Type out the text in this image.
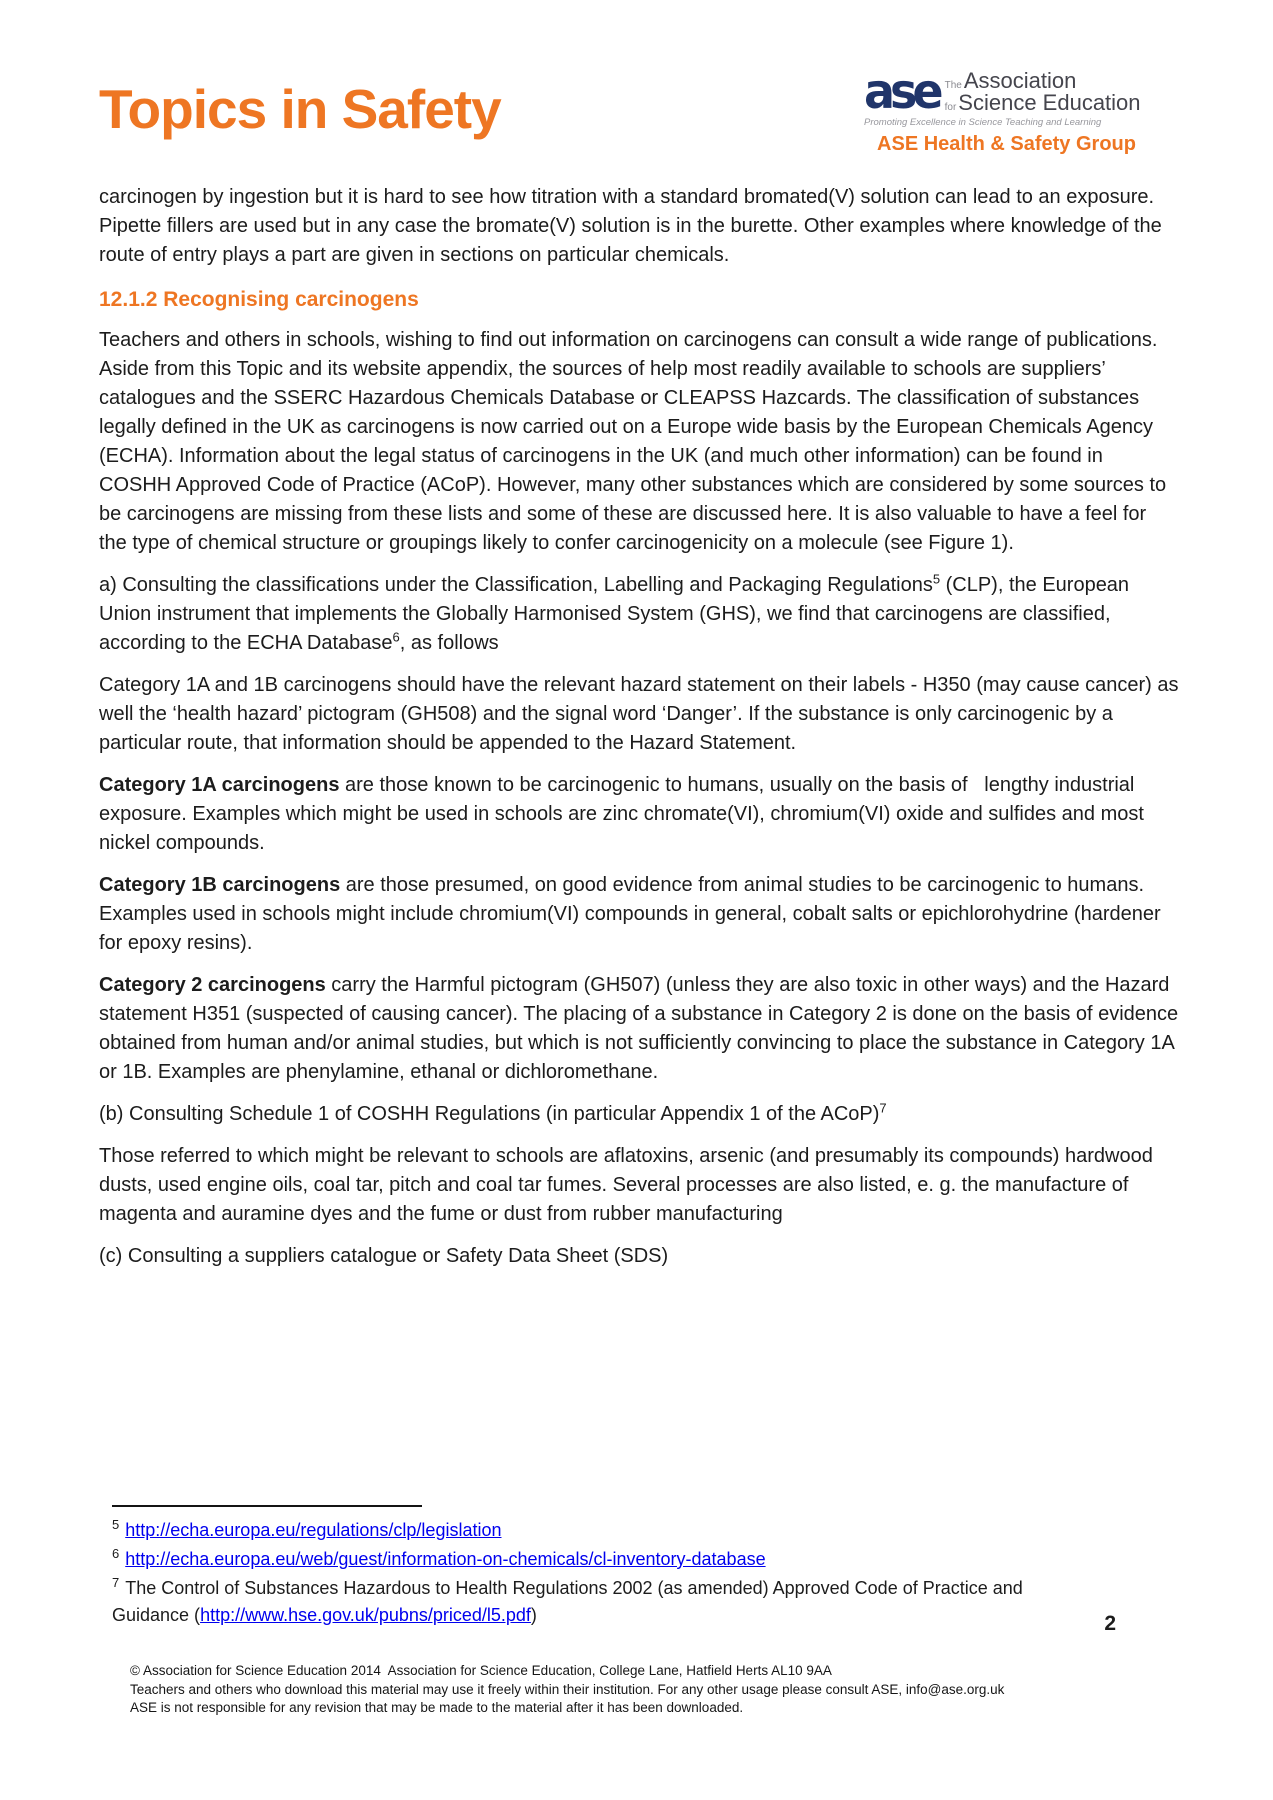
Topics in Safety	ase TheAssociation
forScience Education
Promoting Excellence in Science Teaching and Learning
ASE Health & Safety Group

carcinogen by ingestion but it is hard to see how titration with a standard bromated(V) solution can lead to an exposure. Pipette fillers are used but in any case the bromate(V) solution is in the burette. Other examples where knowledge of the route of entry plays a part are given in sections on particular chemicals.

12.1.2 Recognising carcinogens

Teachers and others in schools, wishing to find out information on carcinogens can consult a wide range of publications. Aside from this Topic and its website appendix, the sources of help most readily available to schools are suppliers’ catalogues and the SSERC Hazardous Chemicals Database or CLEAPSS Hazcards. The classification of substances legally defined in the UK as carcinogens is now carried out on a Europe wide basis by the European Chemicals Agency (ECHA). Information about the legal status of carcinogens in the UK (and much other information) can be found in COSHH Approved Code of Practice (ACoP). However, many other substances which are considered by some sources to be carcinogens are missing from these lists and some of these are discussed here. It is also valuable to have a feel for the type of chemical structure or groupings likely to confer carcinogenicity on a molecule (see Figure 1).

a) Consulting the classifications under the Classification, Labelling and Packaging Regulations$^5$ (CLP), the European Union instrument that implements the Globally Harmonised System (GHS), we find that carcinogens are classified, according to the ECHA Database$^6$, as follows

Category 1A and 1B carcinogens should have the relevant hazard statement on their labels - H350 (may cause cancer) as well the ‘health hazard’ pictogram (GH508) and the signal word ‘Danger’. If the substance is only carcinogenic by a particular route, that information should be appended to the Hazard Statement.

Category 1A carcinogens are those known to be carcinogenic to humans, usually on the basis of   lengthy industrial exposure. Examples which might be used in schools are zinc chromate(VI), chromium(VI) oxide and sulfides and most nickel compounds.

Category 1B carcinogens are those presumed, on good evidence from animal studies to be carcinogenic to humans. Examples used in schools might include chromium(VI) compounds in general, cobalt salts or epichlorohydrine (hardener for epoxy resins).

Category 2 carcinogens carry the Harmful pictogram (GH507) (unless they are also toxic in other ways) and the Hazard statement H351 (suspected of causing cancer). The placing of a substance in Category 2 is done on the basis of evidence obtained from human and/or animal studies, but which is not sufficiently convincing to place the substance in Category 1A or 1B. Examples are phenylamine, ethanal or dichloromethane.

(b) Consulting Schedule 1 of COSHH Regulations (in particular Appendix 1 of the ACoP)$^7$

Those referred to which might be relevant to schools are aflatoxins, arsenic (and presumably its compounds) hardwood dusts, used engine oils, coal tar, pitch and coal tar fumes. Several processes are also listed, e. g. the manufacture of magenta and auramine dyes and the fume or dust from rubber manufacturing

(c) Consulting a suppliers catalogue or Safety Data Sheet (SDS)

$^5$ http://echa.europa.eu/regulations/clp/legislation
$^6$ http://echa.europa.eu/web/guest/information-on-chemicals/cl-inventory-database
$^7$ The Control of Substances Hazardous to Health Regulations 2002 (as amended) Approved Code of Practice and
Guidance (http://www.hse.gov.uk/pubns/priced/l5.pdf)	2
© Association for Science Education 2014  Association for Science Education, College Lane, Hatfield Herts AL10 9AA
Teachers and others who download this material may use it freely within their institution. For any other usage please consult ASE, info@ase.org.uk
ASE is not responsible for any revision that may be made to the material after it has been downloaded.
